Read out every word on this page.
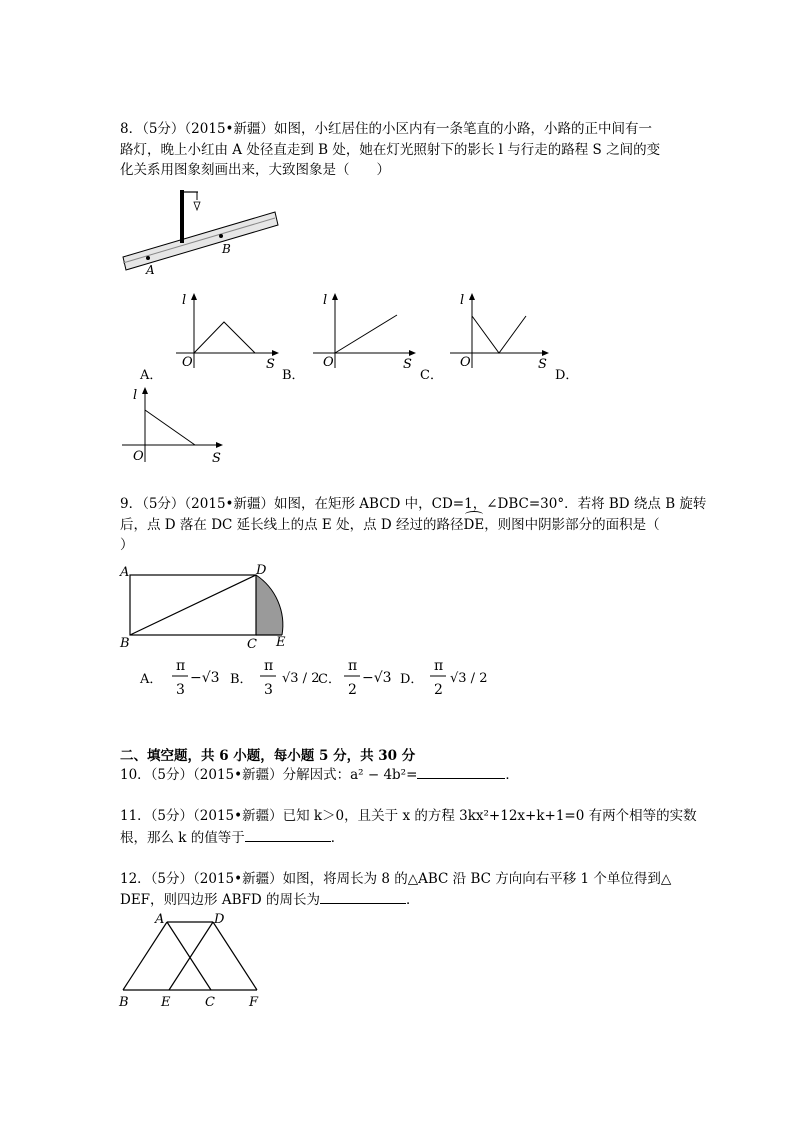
8．（5分）（2015•新疆）如图，小红居住的小区内有一条笔直的小路，小路的正中间有一
路灯，晚上小红由 A 处径直走到 B 处，她在灯光照射下的影长 l 与行走的路程 S 之间的变
化关系用图象刻画出来，大致图象是（　　）
A
B
l
S
O
A．
l
S
O
B．
l
S
O
C．	D．
l
S
O
9．（5分）（2015•新疆）如图，在矩形 ABCD 中，CD=1，∠DBC=30°．若将 BD 绕点 B 旋转
后，点 D 落在 DC 延长线上的点 E 处，点 D 经过的路径DE，则图中阴影部分的面积是（
）
A
B	C
D
E
A．
π
3
−√3 B．
π
3
√3 / 2
C．
π
2
−√3 D．
π
2
√3 / 2
二、填空题，共 6 小题，每小题 5 分，共 30 分
10．（5分）（2015•新疆）分解因式：a² − 4b²=	．
11．（5分）（2015•新疆）已知 k＞0，且关于 x 的方程 3kx²+12x+k+1=0 有两个相等的实数
根，那么 k 的值等于	．
12．（5分）（2015•新疆）如图，将周长为 8 的△ABC 沿 BC 方向向右平移 1 个单位得到△
DEF，则四边形 ABFD 的周长为	．
A	D
B E	C	F
